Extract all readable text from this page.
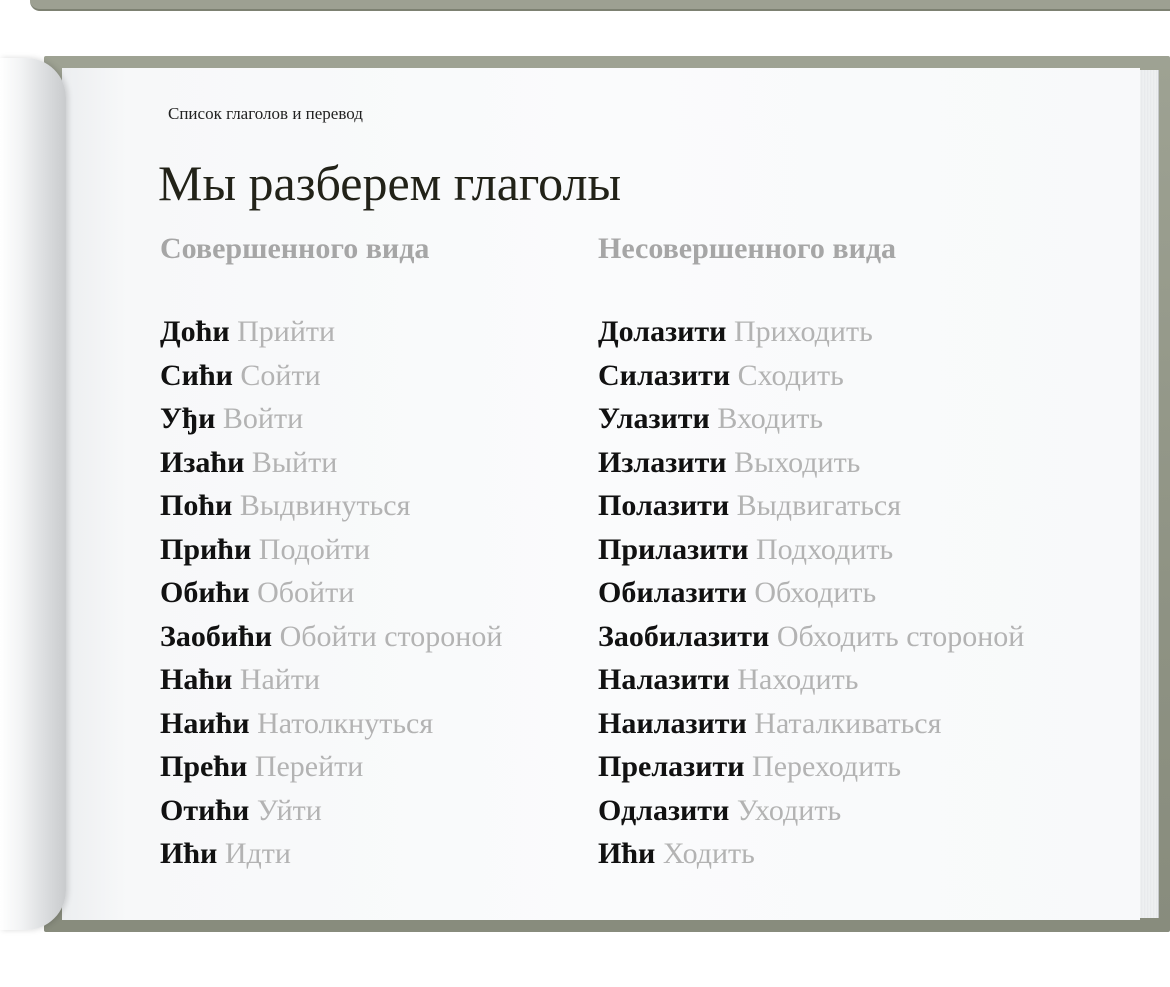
Список глаголов и перевод
Мы разберем глаголы
Совершенного вида	Несовершенного вида
Доћи Прийти
Сићи Сойти
Уђи Войти
Изаћи Выйти
Поћи Выдвинуться
Прићи Подойти
Обићи Обойти
Заобићи Обойти стороной
Наћи Найти
Наићи Натолкнуться
Прећи Перейти
Отићи Уйти
Ићи Идти
Долазити Приходить
Силазити Сходить
Улазити Входить
Излазити Выходить
Полазити Выдвигаться
Прилазити Подходить
Обилазити Обходить
Заобилазити Обходить стороной
Налазити Находить
Наилазити Наталкиваться
Прелазити Переходить
Одлазити Уходить
Ићи Ходить
